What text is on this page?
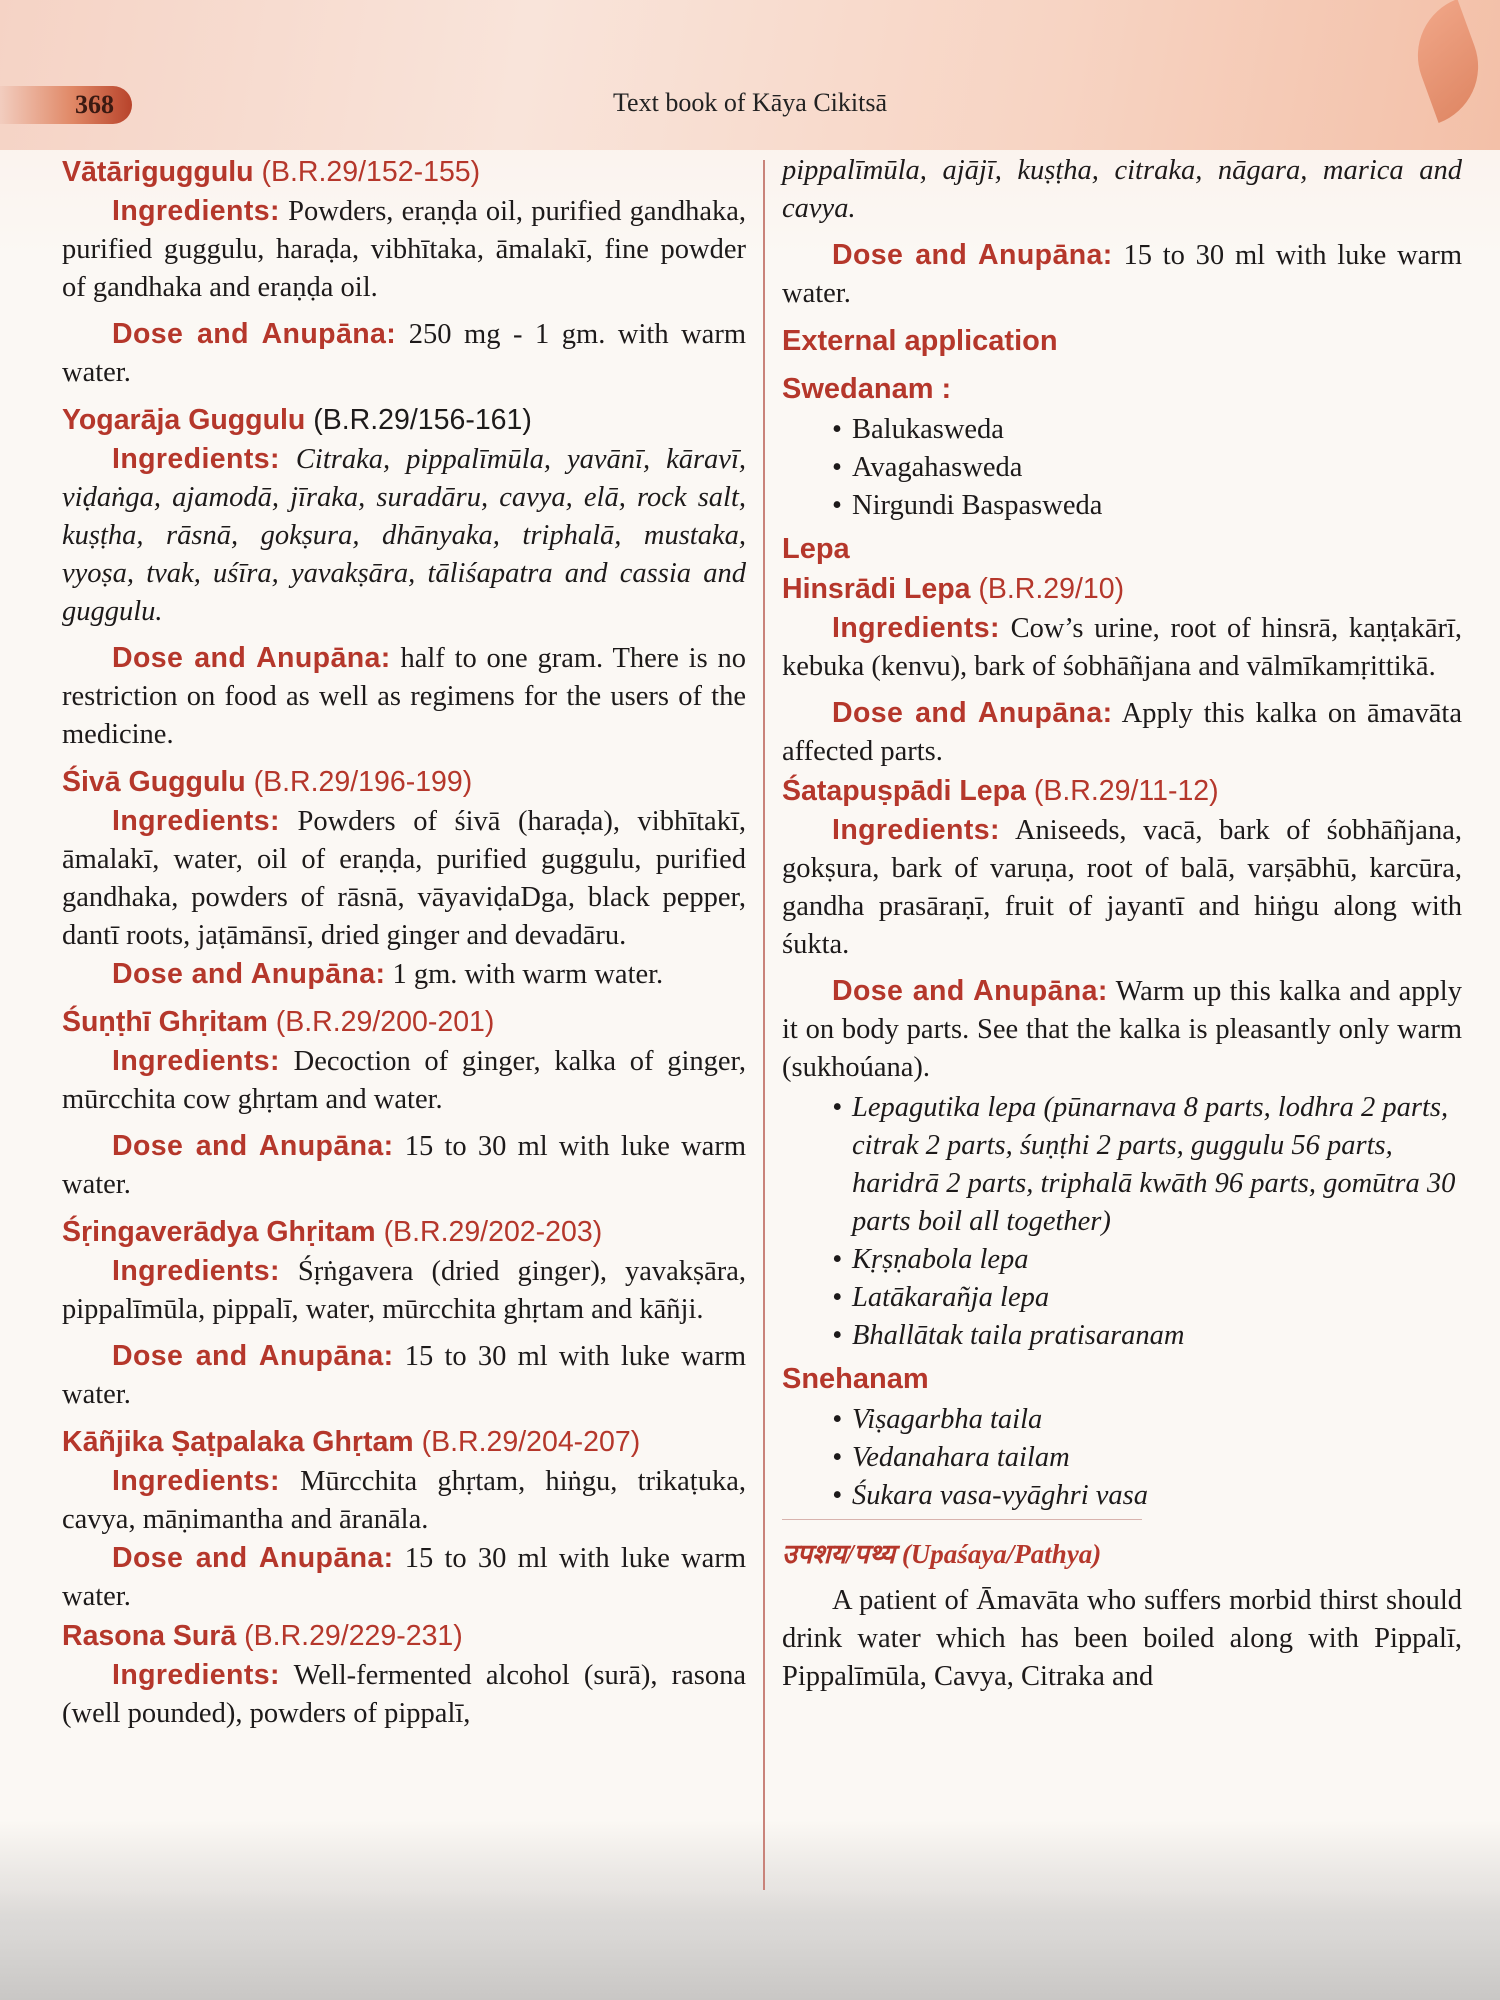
368	Text book of Kāya Cikitsā
Vātāriguggulu (B.R.29/152-155)

Ingredients: Powders, eraṇḍa oil, purified gandhaka, purified guggulu, haraḍa, vibhītaka, āmalakī, fine powder of gandhaka and eraṇḍa oil.

Dose and Anupāna: 250 mg - 1 gm. with warm water.

Yogarāja Guggulu (B.R.29/156-161)

Ingredients: Citraka, pippalīmūla, yavānī, kāravī, viḍaṅga, ajamodā, jīraka, suradāru, cavya, elā, rock salt, kuṣṭha, rāsnā, gokṣura, dhānyaka, triphalā, mustaka, vyoṣa, tvak, uśīra, yavakṣāra, tāliśapatra and cassia and guggulu.

Dose and Anupāna: half to one gram. There is no restriction on food as well as regimens for the users of the medicine.

Śivā Guggulu (B.R.29/196-199)

Ingredients: Powders of śivā (haraḍa), vibhītakī, āmalakī, water, oil of eraṇḍa, purified guggulu, purified gandhaka, powders of rāsnā, vāyaviḍaDga, black pepper, dantī roots, jaṭāmānsī, dried ginger and devadāru.

Dose and Anupāna: 1 gm. with warm water.

Śuṇṭhī Ghṛitam (B.R.29/200-201)

Ingredients: Decoction of ginger, kalka of ginger, mūrcchita cow ghṛtam and water.

Dose and Anupāna: 15 to 30 ml with luke warm water.

Śṛingaverādya Ghṛitam (B.R.29/202-203)

Ingredients: Śṛṅgavera (dried ginger), yavakṣāra, pippalīmūla, pippalī, water, mūrcchita ghṛtam and kāñji.

Dose and Anupāna: 15 to 30 ml with luke warm water.

Kāñjika Ṣaṭpalaka Ghṛtam (B.R.29/204-207)

Ingredients: Mūrcchita ghṛtam, hiṅgu, trikaṭuka, cavya, māṇimantha and āranāla.

Dose and Anupāna: 15 to 30 ml with luke warm water.

Rasona Surā (B.R.29/229-231)

Ingredients: Well-fermented alcohol (surā), rasona (well pounded), powders of pippalī,

pippalīmūla, ajājī, kuṣṭha, citraka, nāgara, marica and cavya.

Dose and Anupāna: 15 to 30 ml with luke warm water.

External application
Swedanam :
• Balukasweda
• Avagahasweda
• Nirgundi Baspasweda
Lepa
Hinsrādi Lepa (B.R.29/10)

Ingredients: Cow’s urine, root of hinsrā, kaṇṭakārī, kebuka (kenvu), bark of śobhāñjana and vālmīkamṛittikā.

Dose and Anupāna: Apply this kalka on āmavāta affected parts.

Śatapuṣpādi Lepa (B.R.29/11-12)

Ingredients: Aniseeds, vacā, bark of śobhāñjana, gokṣura, bark of varuṇa, root of balā, varṣābhū, karcūra, gandha prasāraṇī, fruit of jayantī and hiṅgu along with śukta.

Dose and Anupāna: Warm up this kalka and apply it on body parts. See that the kalka is pleasantly only warm (sukhoúana).

• Lepagutika lepa (pūnarnava 8 parts, lodhra 2 parts, citrak 2 parts, śuṇṭhi 2 parts, guggulu 56 parts, haridrā 2 parts, triphalā kwāth 96 parts, gomūtra 30 parts boil all together)
• Kṛṣṇabola lepa
• Latākarañja lepa
• Bhallātak taila pratisaranam
Snehanam
• Viṣagarbha taila
• Vedanahara tailam
• Śukara vasa-vyāghri vasa
उपशय/पथ्य (Upaśaya/Pathya)

A patient of Āmavāta who suffers morbid thirst should drink water which has been boiled along with Pippalī, Pippalīmūla, Cavya, Citraka and
